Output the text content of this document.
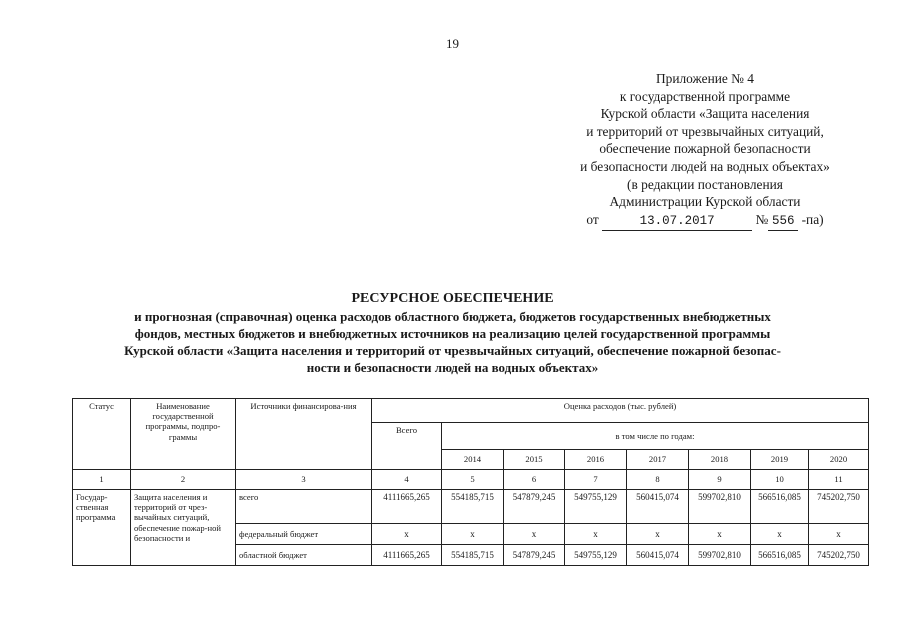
19
Приложение № 4
к государственной программе
Курской области «Защита населения
и территорий от чрезвычайных ситуаций,
обеспечение пожарной безопасности
и безопасности людей на водных объектах»
(в редакции постановления
Администрации Курской области
от	13.07.2017	№ 556 -па)
РЕСУРСНОЕ ОБЕСПЕЧЕНИЕ
и прогнозная (справочная) оценка расходов областного бюджета, бюджетов государственных внебюджетных
фондов, местных бюджетов и внебюджетных источников на реализацию целей государственной программы
Курской области «Защита населения и территорий от чрезвычайных ситуаций, обеспечение пожарной безопас-
ности и безопасности людей на водных объектах»
Статус	Наименование государственной программы, подпро-граммы	Источники финансирова-ния	Оценка расходов (тыс. рублей)							
			Всего	в том числе по годам:						
				2014	2015	2016	2017	2018	2019	2020
1	2	3	4	5	6	7	8	9	10	11
Государ-ственная программа	Защита населения и территорий от чрез-вычайных ситуаций, обеспечение пожар-ной безопасности и	всего	4111665,265	554185,715	547879,245	549755,129	560415,074	599702,810	566516,085	745202,750
		федеральный бюджет	x	x	x	x	x	x	x	x
		областной бюджет	4111665,265	554185,715	547879,245	549755,129	560415,074	599702,810	566516,085	745202,750
